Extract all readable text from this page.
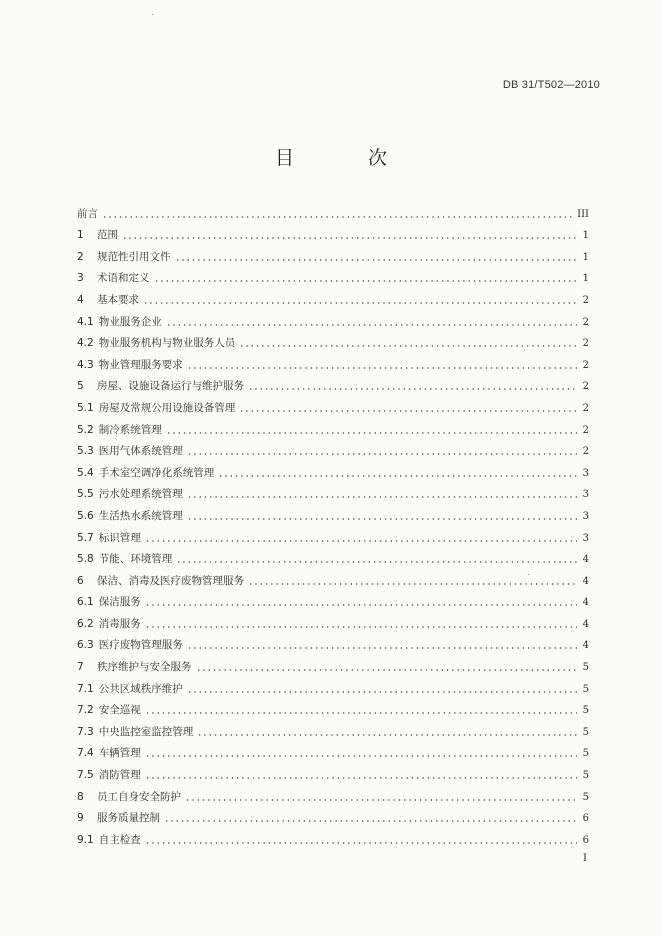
DB 31/T502—2010
目 次
前言	III
1	范围	1
2	规范性引用文件	1
3	术语和定义	1
4	基本要求	2
4.1 物业服务企业	2
4.2 物业服务机构与物业服务人员	2
4.3 物业管理服务要求	2
5	房屋、设施设备运行与维护服务	2
5.1 房屋及常规公用设施设备管理	2
5.2 制冷系统管理	2
5.3 医用气体系统管理	2
5.4 手术室空调净化系统管理	3
5.5 污水处理系统管理	3
5.6 生活热水系统管理	3
5.7 标识管理	3
5.8 节能、环境管理	4
6	保洁、消毒及医疗废物管理服务	4
6.1 保洁服务	4
6.2 消毒服务	4
6.3 医疗废物管理服务	4
7	秩序维护与安全服务	5
7.1 公共区域秩序维护	5
7.2 安全巡视	5
7.3 中央监控室监控管理	5
7.4 车辆管理	5
7.5 消防管理	5
8	员工自身安全防护	5
9	服务质量控制	6
9.1 自主检查	6
I
